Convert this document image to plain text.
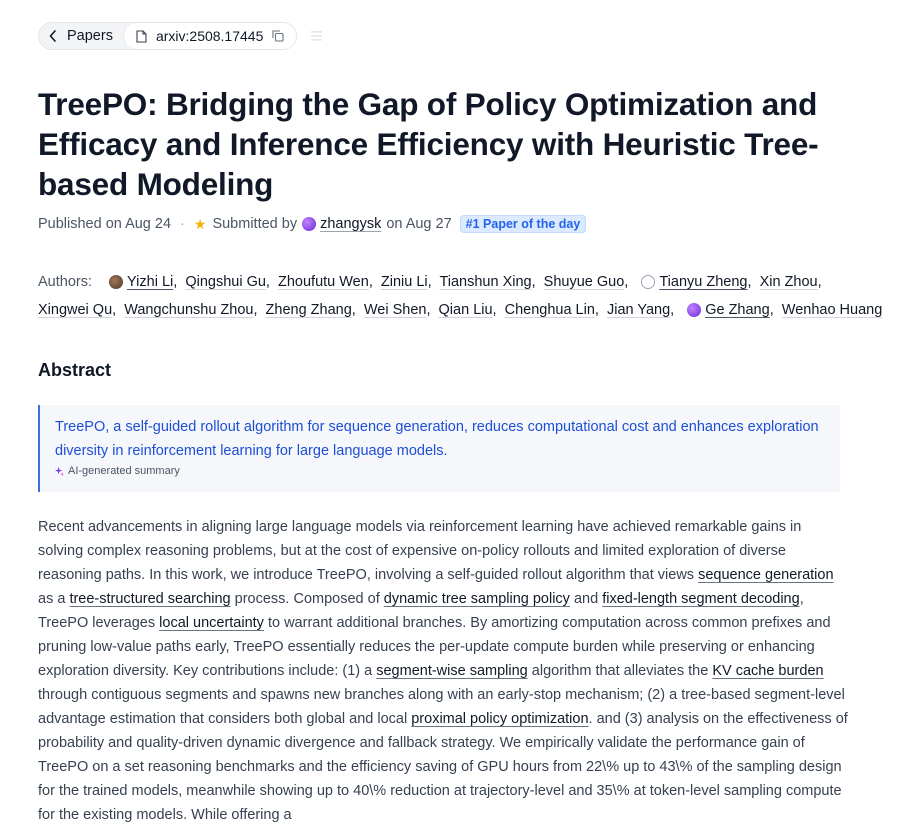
Papers	arxiv:2508.17445
TreePO: Bridging the Gap of Policy Optimization and Efficacy and Inference Efficiency with Heuristic Tree-based Modeling
Published on Aug 24 · ★ Submitted by zhangysk on Aug 27	#1 Paper of the day
Authors: Yizhi Li, Qingshui Gu, Zhoufutu Wen, Ziniu Li, Tianshun Xing, Shuyue Guo, Tianyu Zheng, Xin Zhou, Xingwei Qu, Wangchunshu Zhou, Zheng Zhang, Wei Shen, Qian Liu, Chenghua Lin, Jian Yang, Ge Zhang, Wenhao Huang
Abstract
TreePO, a self-guided rollout algorithm for sequence generation, reduces computational cost and enhances exploration diversity in reinforcement learning for large language models.
AI-generated summary

Recent advancements in aligning large language models via reinforcement learning have achieved remarkable gains in solving complex reasoning problems, but at the cost of expensive on-policy rollouts and limited exploration of diverse reasoning paths. In this work, we introduce TreePO, involving a self-guided rollout algorithm that views sequence generation as a tree-structured searching process. Composed of dynamic tree sampling policy and fixed-length segment decoding, TreePO leverages local uncertainty to warrant additional branches. By amortizing computation across common prefixes and pruning low-value paths early, TreePO essentially reduces the per-update compute burden while preserving or enhancing exploration diversity. Key contributions include: (1) a segment-wise sampling algorithm that alleviates the KV cache burden through contiguous segments and spawns new branches along with an early-stop mechanism; (2) a tree-based segment-level advantage estimation that considers both global and local proximal policy optimization. and (3) analysis on the effectiveness of probability and quality-driven dynamic divergence and fallback strategy. We empirically validate the performance gain of TreePO on a set reasoning benchmarks and the efficiency saving of GPU hours from 22\% up to 43\% of the sampling design for the trained models, meanwhile showing up to 40\% reduction at trajectory-level and 35\% at token-level sampling compute for the existing models. While offering a
